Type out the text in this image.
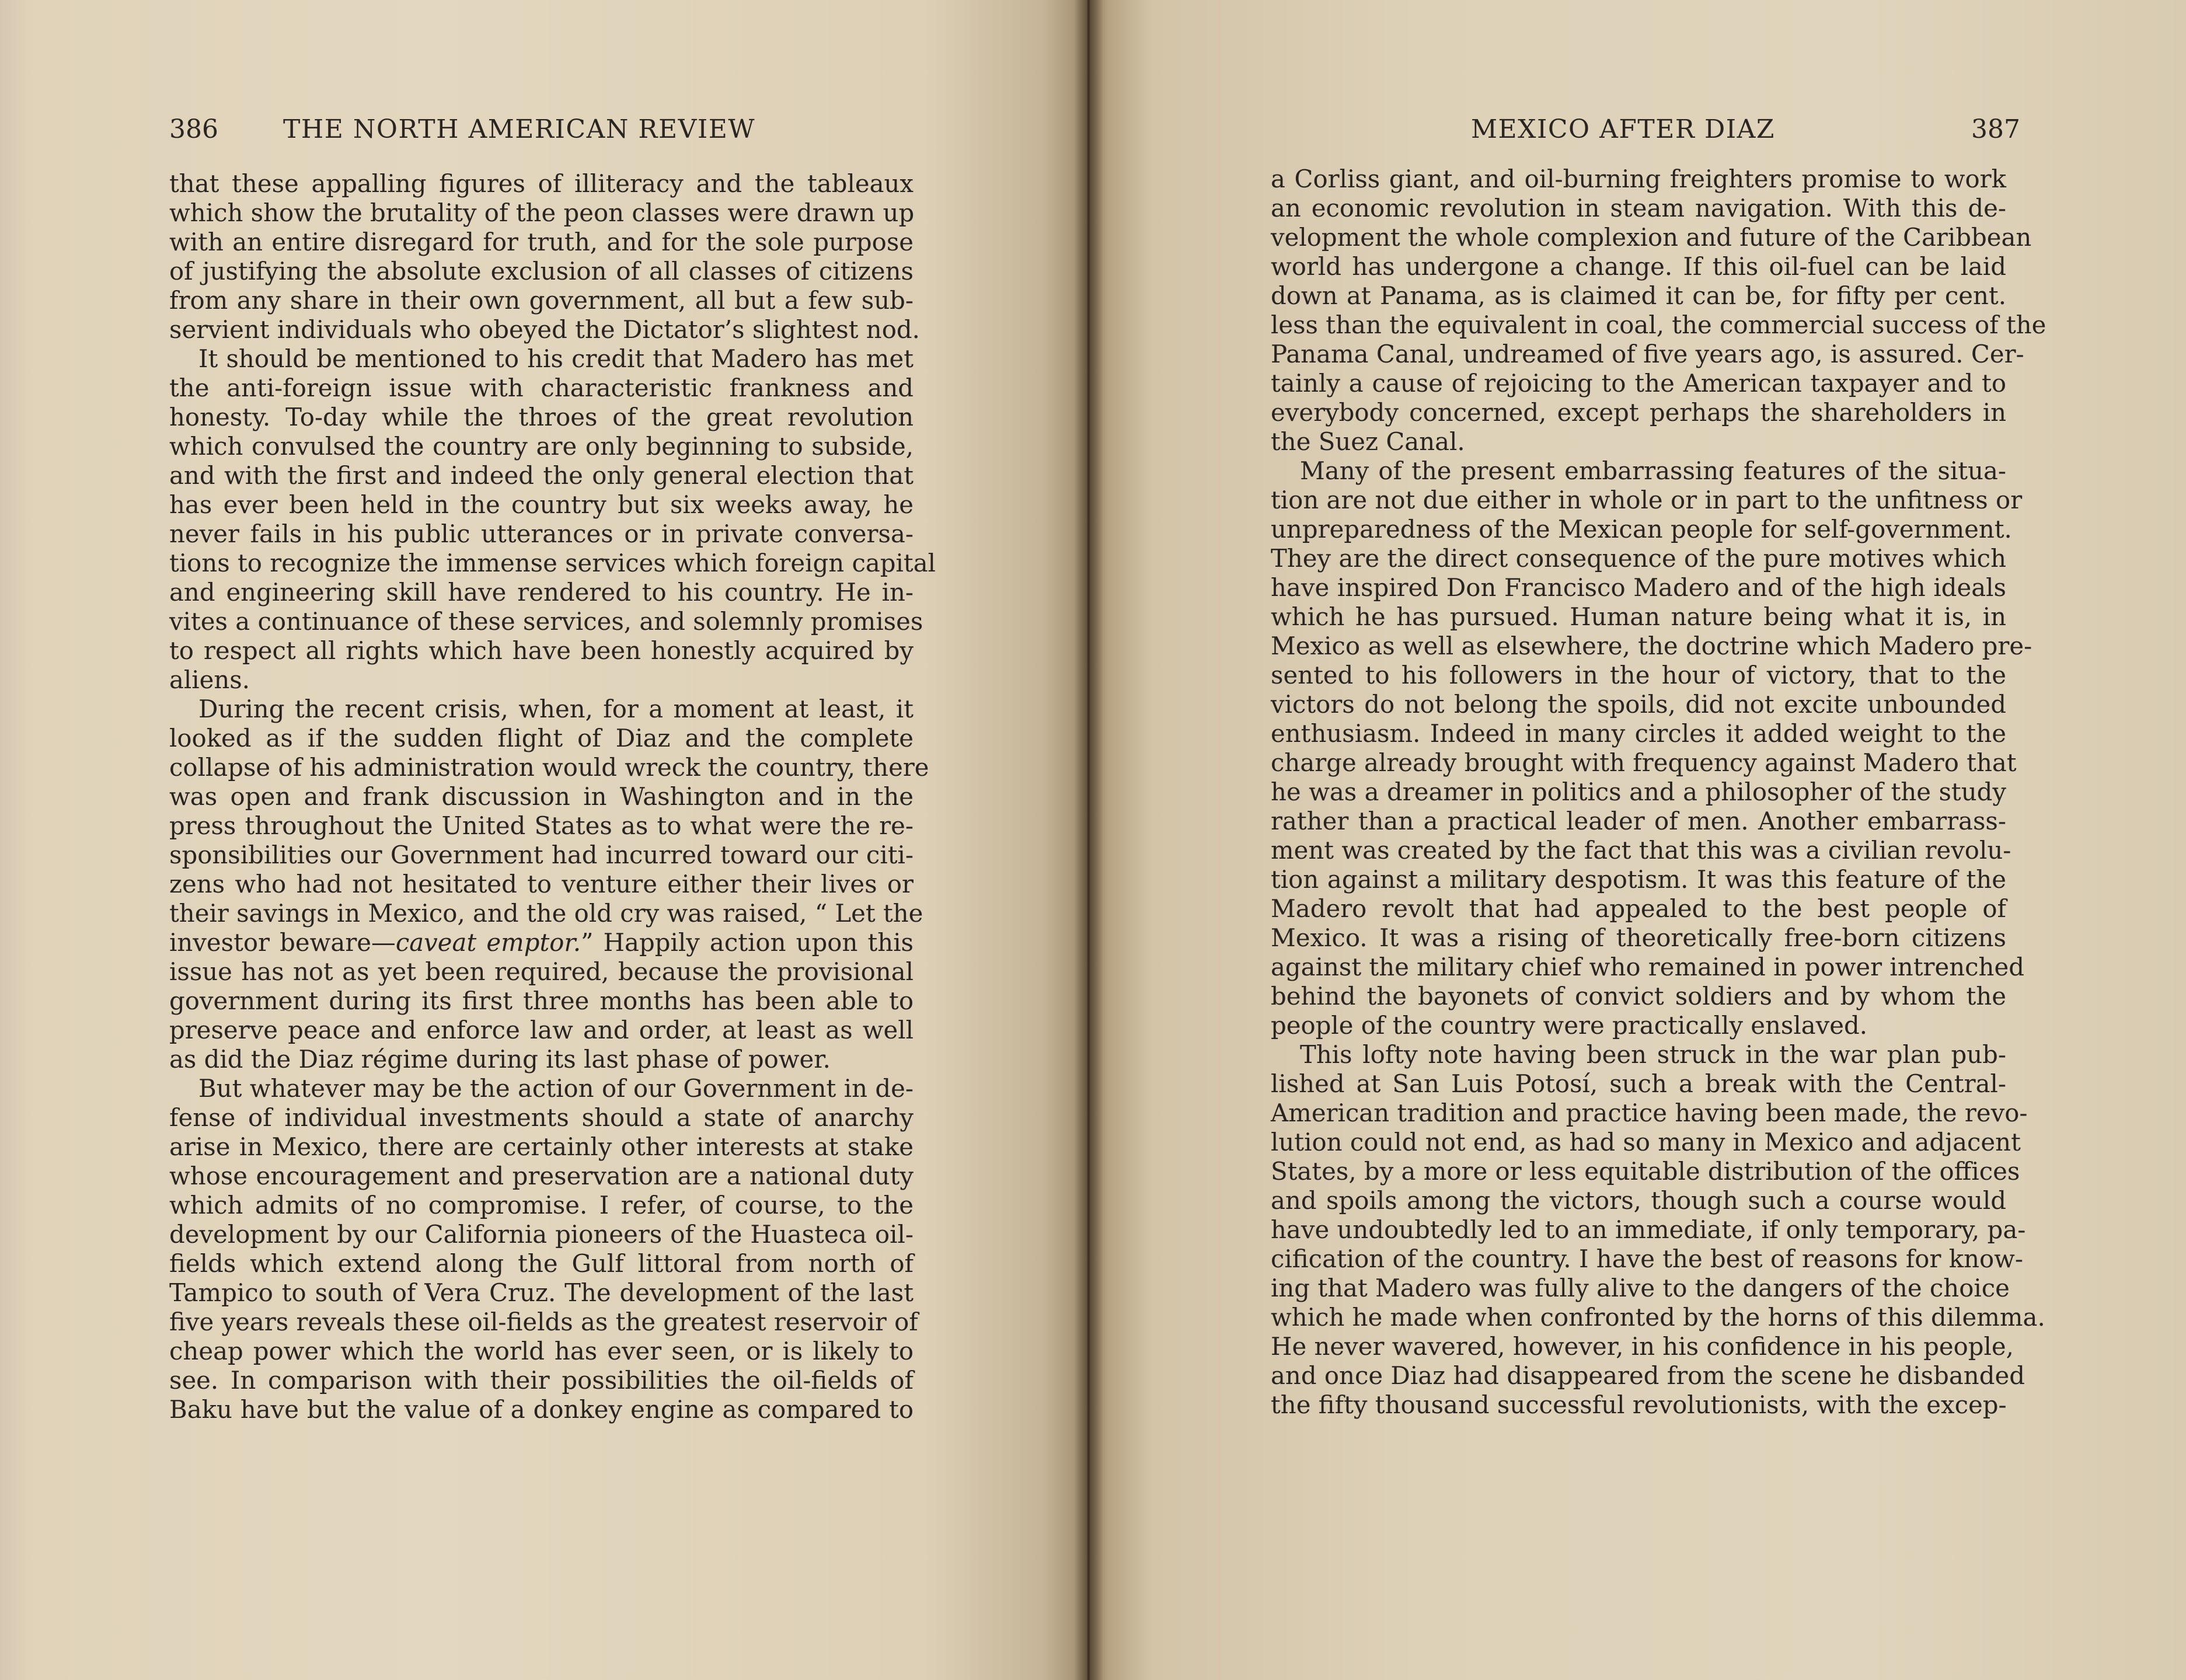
386	THE NORTH AMERICAN REVIEW
that these appalling figures of illiteracy and the tableaux
which show the brutality of the peon classes were drawn up
with an entire disregard for truth, and for the sole purpose
of justifying the absolute exclusion of all classes of citizens
from any share in their own government, all but a few sub-
servient individuals who obeyed the Dictator’s slightest nod.
It should be mentioned to his credit that Madero has met
the anti-foreign issue with characteristic frankness and
honesty. To-day while the throes of the great revolution
which convulsed the country are only beginning to subside,
and with the first and indeed the only general election that
has ever been held in the country but six weeks away, he
never fails in his public utterances or in private conversa-
tions to recognize the immense services which foreign capital
and engineering skill have rendered to his country. He in-
vites a continuance of these services, and solemnly promises
to respect all rights which have been honestly acquired by
aliens.
During the recent crisis, when, for a moment at least, it
looked as if the sudden flight of Diaz and the complete
collapse of his administration would wreck the country, there
was open and frank discussion in Washington and in the
press throughout the United States as to what were the re-
sponsibilities our Government had incurred toward our citi-
zens who had not hesitated to venture either their lives or
their savings in Mexico, and the old cry was raised, “ Let the
investor beware—caveat emptor.” Happily action upon this
issue has not as yet been required, because the provisional
government during its first three months has been able to
preserve peace and enforce law and order, at least as well
as did the Diaz régime during its last phase of power.
But whatever may be the action of our Government in de-
fense of individual investments should a state of anarchy
arise in Mexico, there are certainly other interests at stake
whose encouragement and preservation are a national duty
which admits of no compromise. I refer, of course, to the
development by our California pioneers of the Huasteca oil-
fields which extend along the Gulf littoral from north of
Tampico to south of Vera Cruz. The development of the last
five years reveals these oil-fields as the greatest reservoir of
cheap power which the world has ever seen, or is likely to
see. In comparison with their possibilities the oil-fields of
Baku have but the value of a donkey engine as compared to
MEXICO AFTER DIAZ	387
a Corliss giant, and oil-burning freighters promise to work
an economic revolution in steam navigation. With this de-
velopment the whole complexion and future of the Caribbean
world has undergone a change. If this oil-fuel can be laid
down at Panama, as is claimed it can be, for fifty per cent.
less than the equivalent in coal, the commercial success of the
Panama Canal, undreamed of five years ago, is assured. Cer-
tainly a cause of rejoicing to the American taxpayer and to
everybody concerned, except perhaps the shareholders in
the Suez Canal.
Many of the present embarrassing features of the situa-
tion are not due either in whole or in part to the unfitness or
unpreparedness of the Mexican people for self-government.
They are the direct consequence of the pure motives which
have inspired Don Francisco Madero and of the high ideals
which he has pursued. Human nature being what it is, in
Mexico as well as elsewhere, the doctrine which Madero pre-
sented to his followers in the hour of victory, that to the
victors do not belong the spoils, did not excite unbounded
enthusiasm. Indeed in many circles it added weight to the
charge already brought with frequency against Madero that
he was a dreamer in politics and a philosopher of the study
rather than a practical leader of men. Another embarrass-
ment was created by the fact that this was a civilian revolu-
tion against a military despotism. It was this feature of the
Madero revolt that had appealed to the best people of
Mexico. It was a rising of theoretically free-born citizens
against the military chief who remained in power intrenched
behind the bayonets of convict soldiers and by whom the
people of the country were practically enslaved.
This lofty note having been struck in the war plan pub-
lished at San Luis Potosí, such a break with the Central-
American tradition and practice having been made, the revo-
lution could not end, as had so many in Mexico and adjacent
States, by a more or less equitable distribution of the offices
and spoils among the victors, though such a course would
have undoubtedly led to an immediate, if only temporary, pa-
cification of the country. I have the best of reasons for know-
ing that Madero was fully alive to the dangers of the choice
which he made when confronted by the horns of this dilemma.
He never wavered, however, in his confidence in his people,
and once Diaz had disappeared from the scene he disbanded
the fifty thousand successful revolutionists, with the excep-
